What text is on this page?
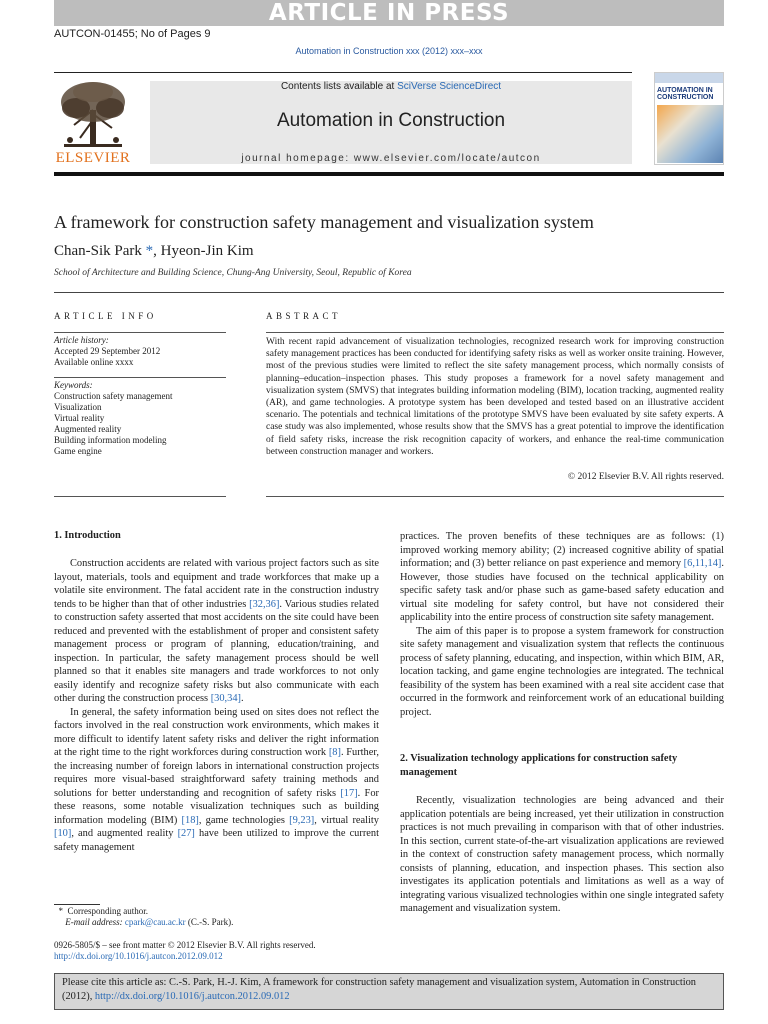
ARTICLE IN PRESS
AUTCON-01455; No of Pages 9
Automation in Construction xxx (2012) xxx–xxx
ELSEVIER
Contents lists available at SciVerse ScienceDirect
Automation in Construction
journal homepage: www.elsevier.com/locate/autcon
AUTOMATION IN CONSTRUCTION
A framework for construction safety management and visualization system
Chan-Sik Park *, Hyeon-Jin Kim
School of Architecture and Building Science, Chung-Ang University, Seoul, Republic of Korea
ARTICLE INFO	ABSTRACT
Article history:
Accepted 29 September 2012
Available online xxxx
Keywords:
Construction safety management
Visualization
Virtual reality
Augmented reality
Building information modeling
Game engine
With recent rapid advancement of visualization technologies, recognized research work for improving construction safety management practices has been conducted for identifying safety risks as well as worker onsite training. However, most of the previous studies were limited to reflect the site safety management process, which normally consists of planning–education–inspection phases. This study proposes a framework for a novel safety management and visualization system (SMVS) that integrates building information modeling (BIM), location tracking, augmented reality (AR), and game technologies. A prototype system has been developed and tested based on an illustrative accident scenario. The potentials and technical limitations of the prototype SMVS have been evaluated by site safety experts. A case study was also implemented, whose results show that the SMVS has a great potential to improve the identification of field safety risks, increase the risk recognition capacity of workers, and enhance the real-time communication between construction manager and workers.
© 2012 Elsevier B.V. All rights reserved.
1. Introduction

Construction accidents are related with various project factors such as site layout, materials, tools and equipment and trade workforces that make up a volatile site environment. The fatal accident rate in the construction industry tends to be higher than that of other industries [32,36]. Various studies related to construction safety asserted that most accidents on the site could have been reduced and prevented with the establishment of proper and consistent safety management process or program of planning, education/training, and inspection. In particular, the safety management process should be well planned so that it enables site managers and trade workforces to not only easily identify and recognize safety risks but also communicate with each other during the construction process [30,34].

In general, the safety information being used on sites does not reflect the factors involved in the real construction work environments, which makes it more difficult to identify latent safety risks and deliver the right information at the right time to the right workforces during construction work [8]. Further, the increasing number of foreign labors in international construction projects requires more visual-based straightforward safety training methods and solutions for better understanding and recognition of safety risks [17]. For these reasons, some notable visualization techniques such as building information modeling (BIM) [18], game technologies [9,23], virtual reality [10], and augmented reality [27] have been utilized to improve the current safety management

practices. The proven benefits of these techniques are as follows: (1) improved working memory ability; (2) increased cognitive ability of spatial information; and (3) better reliance on past experience and memory [6,11,14]. However, those studies have focused on the technical applicability on specific safety task and/or phase such as game-based safety education and virtual site modeling for safety control, but have not considered their applicability into the entire process of construction site safety management.

The aim of this paper is to propose a system framework for construction site safety management and visualization system that reflects the continuous process of safety planning, educating, and inspection, within which BIM, AR, location tacking, and game engine technologies are integrated. The technical feasibility of the system has been examined with a real site accident case that occurred in the formwork and reinforcement work of an educational building project.

2. Visualization technology applications for construction safety management

Recently, visualization technologies are being advanced and their application potentials are being increased, yet their utilization in construction practices is not much prevailing in comparison with that of other industries. In this section, current state-of-the-art visualization applications are reviewed in the context of construction safety management process, which normally consists of planning, education, and inspection phases. This section also investigates its application potentials and limitations as well as a way of integrating various visualized technologies within one single integrated safety management and visualization system.

* Corresponding author.
E-mail address: cpark@cau.ac.kr (C.-S. Park).
0926-5805/$ – see front matter © 2012 Elsevier B.V. All rights reserved.
http://dx.doi.org/10.1016/j.autcon.2012.09.012
Please cite this article as: C.-S. Park, H.-J. Kim, A framework for construction safety management and visualization system, Automation in Construction (2012), http://dx.doi.org/10.1016/j.autcon.2012.09.012
